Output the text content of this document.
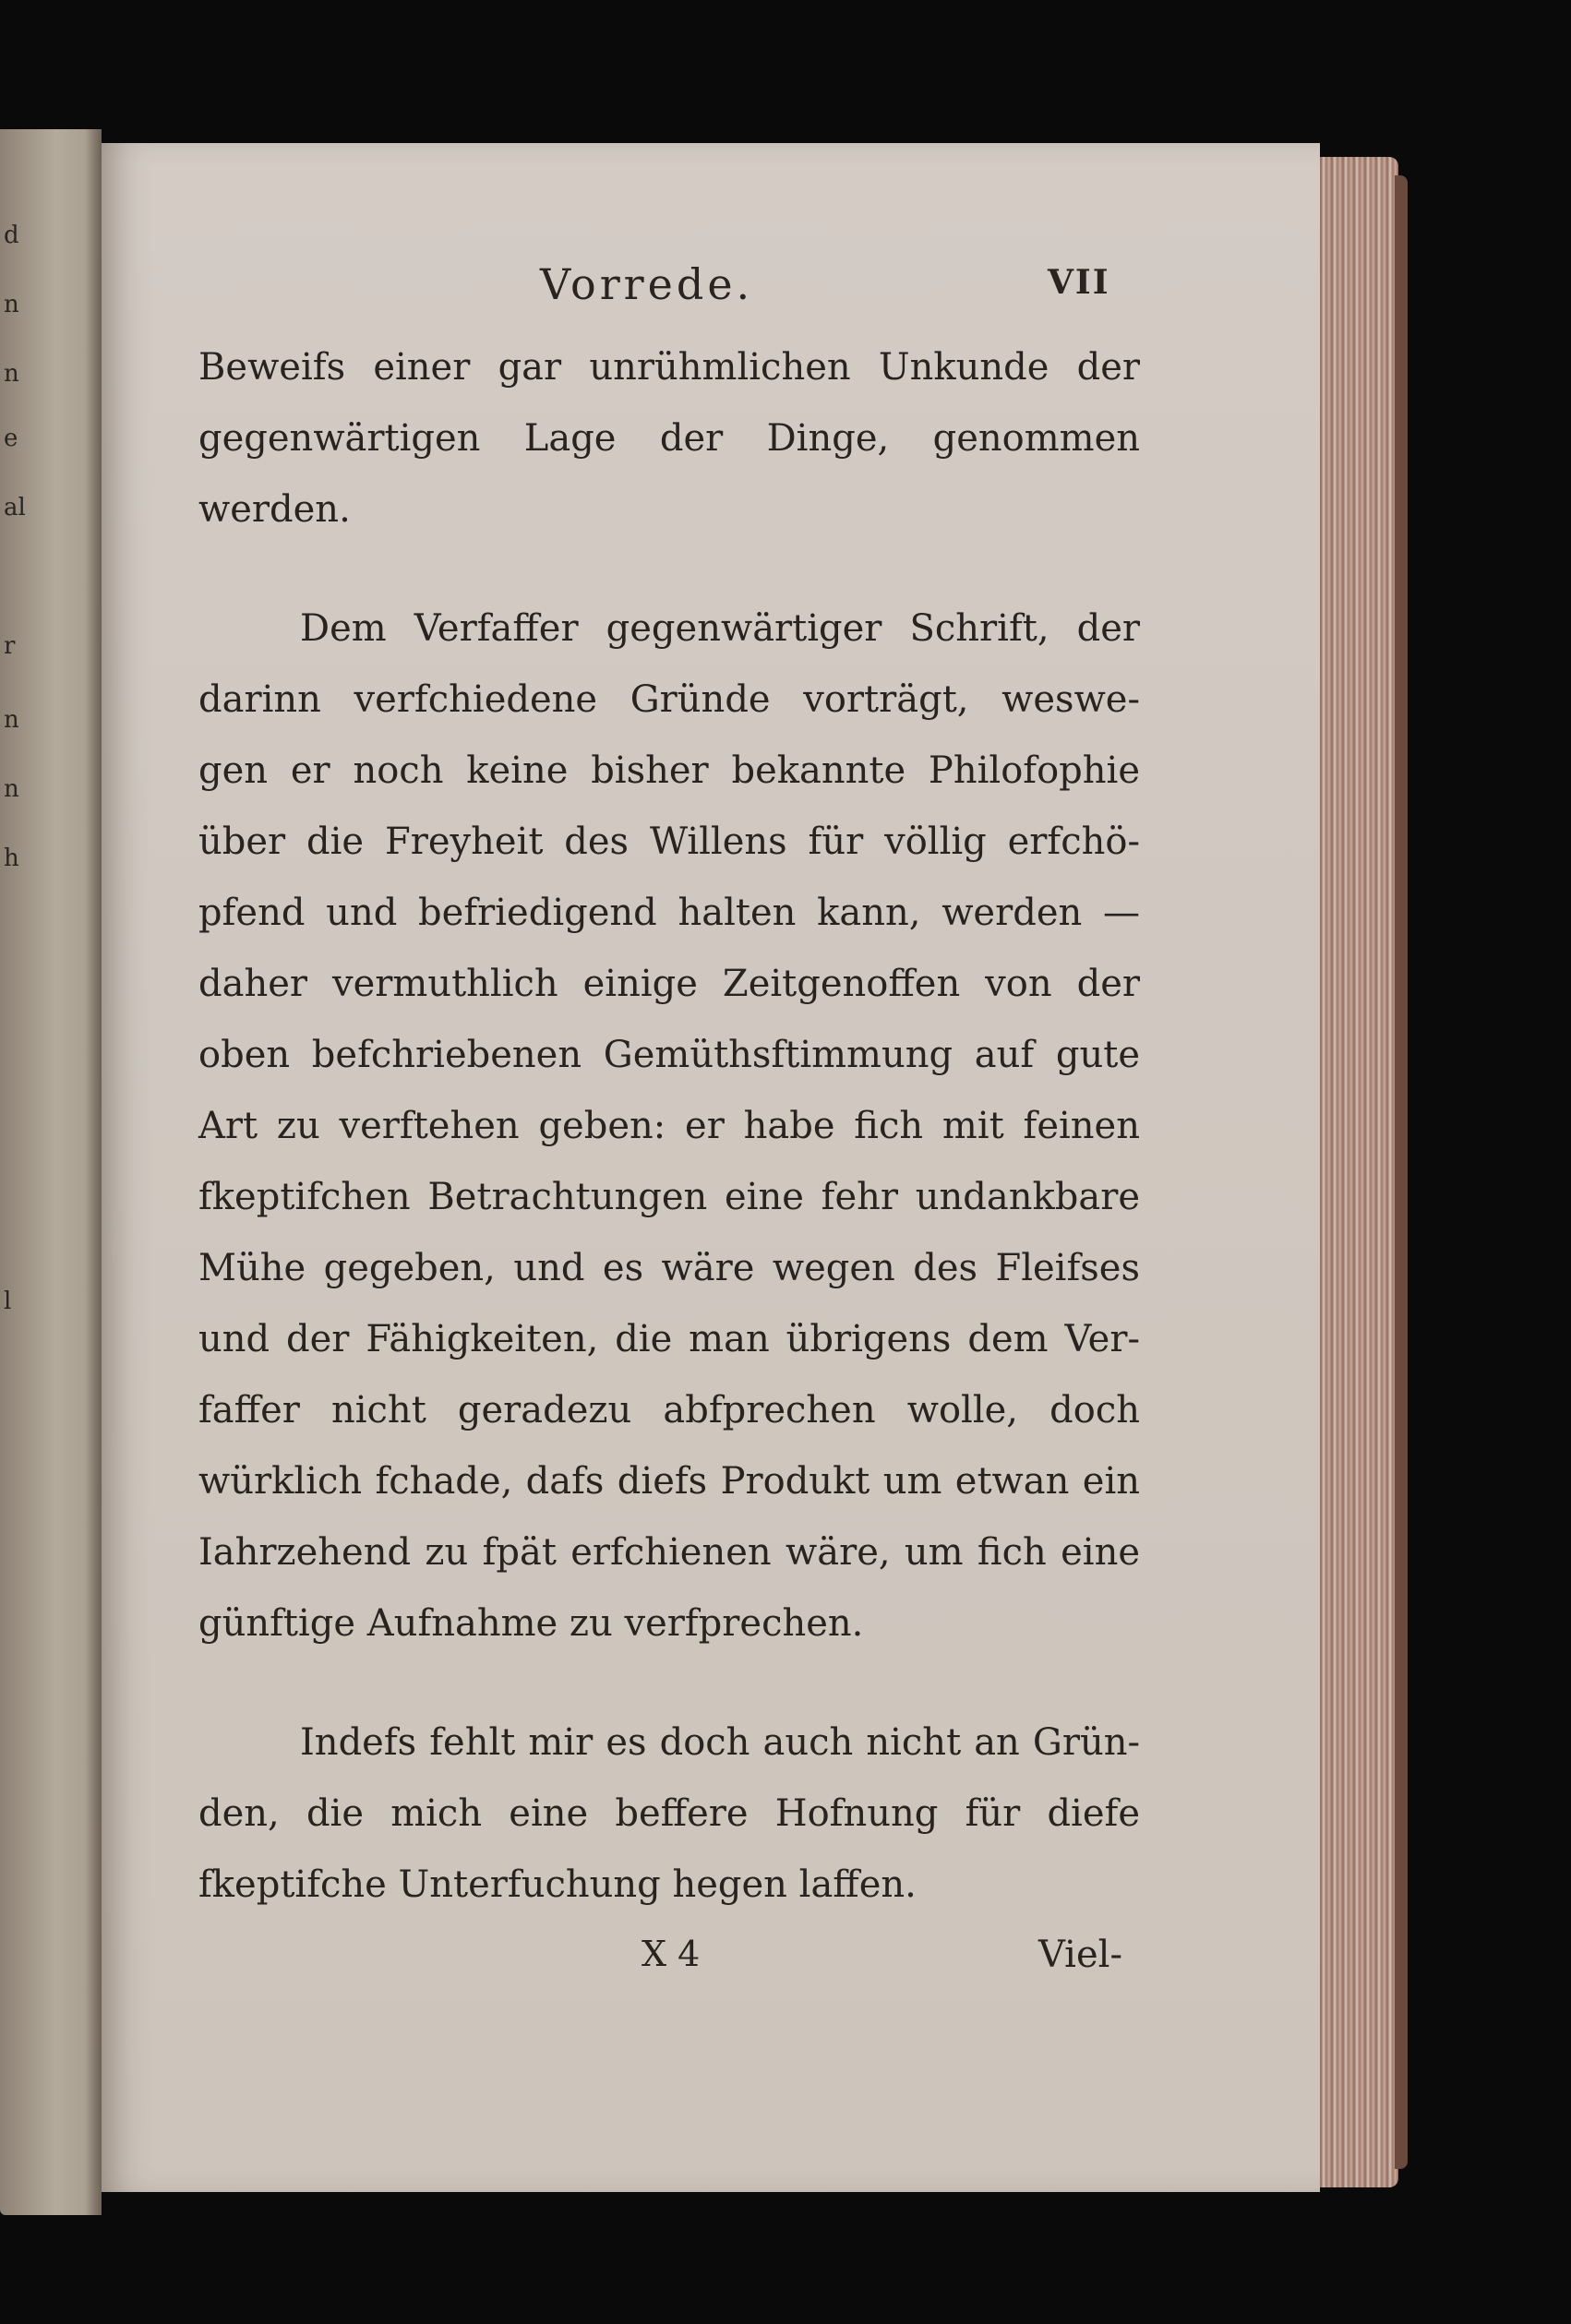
d
n
n
e
al
r
n
n
h
l
Vorrede.	VII
Beweifs einer gar unrühmlichen Unkunde der
gegenwärtigen Lage der Dinge, genommen
werden.
Dem Verfaffer gegenwärtiger Schrift, der
darinn verfchiedene Gründe vorträgt, weswe-
gen er noch keine bisher bekannte Philofophie
über die Freyheit des Willens für völlig erfchö-
pfend und befriedigend halten kann, werden —
daher vermuthlich einige Zeitgenoffen von der
oben befchriebenen Gemüthsftimmung auf gute
Art zu verftehen geben: er habe fich mit feinen
fkeptifchen Betrachtungen eine fehr undankbare
Mühe gegeben, und es wäre wegen des Fleifses
und der Fähigkeiten, die man übrigens dem Ver-
faffer nicht geradezu abfprechen wolle, doch
würklich fchade, dafs diefs Produkt um etwan ein
Iahrzehend zu fpät erfchienen wäre, um fich eine
günftige Aufnahme zu verfprechen.
Indefs fehlt mir es doch auch nicht an Grün-
den, die mich eine beffere Hofnung für diefe
fkeptifche Unterfuchung hegen laffen.
X 4	Viel-
